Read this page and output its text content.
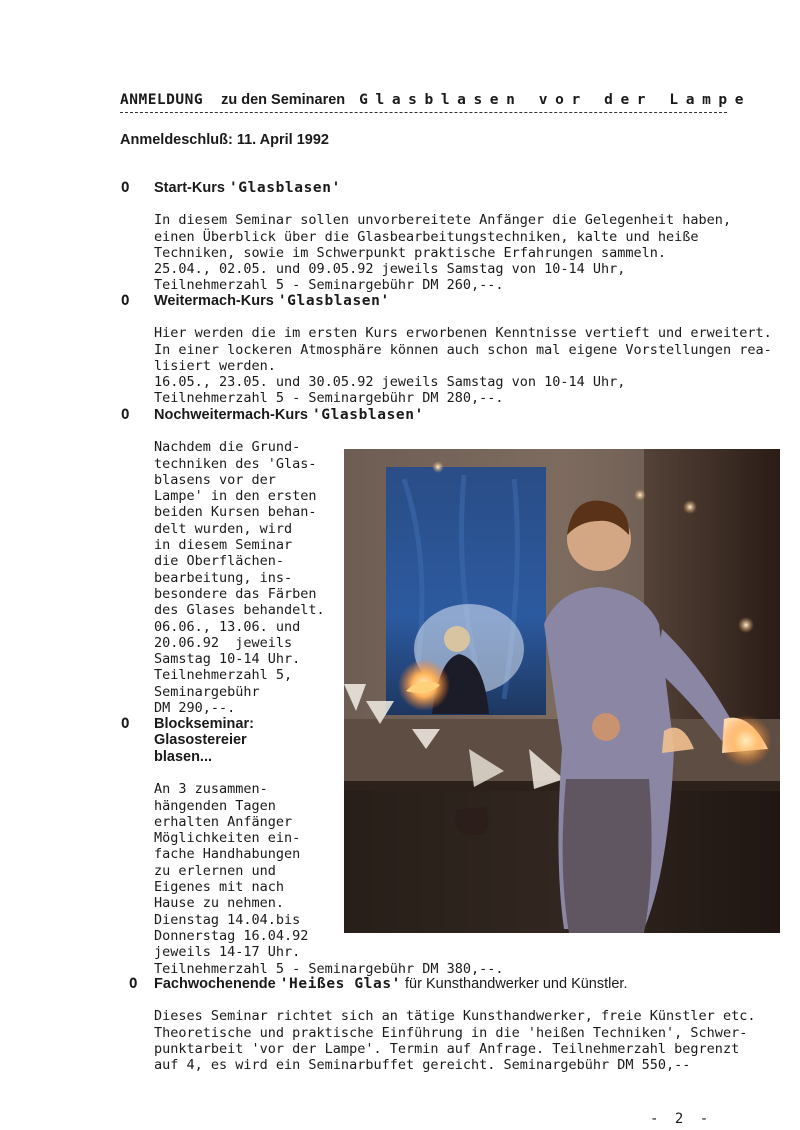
ANMELDUNG zu den Seminaren Glasblasen vor der Lampe
Anmeldeschluß: 11. April 1992
O Start-Kurs 'Glasblasen'

In diesem Seminar sollen unvorbereitete Anfänger die Gelegenheit haben,
einen Überblick über die Glasbearbeitungstechniken, kalte und heiße
Techniken, sowie im Schwerpunkt praktische Erfahrungen sammeln.
25.04., 02.05. und 09.05.92 jeweils Samstag von 10-14 Uhr,
Teilnehmerzahl 5 - Seminargebühr DM 260,--.

O Weitermach-Kurs 'Glasblasen'

Hier werden die im ersten Kurs erworbenen Kenntnisse vertieft und erweitert.
In einer lockeren Atmosphäre können auch schon mal eigene Vorstellungen rea-
lisiert werden.
16.05., 23.05. und 30.05.92 jeweils Samstag von 10-14 Uhr,
Teilnehmerzahl 5 - Seminargebühr DM 280,--.

O Nochweitermach-Kurs 'Glasblasen'

Nachdem die Grund-
techniken des 'Glas-
blasens vor der
Lampe' in den ersten
beiden Kursen behan-
delt wurden, wird
in diesem Seminar
die Oberflächen-
bearbeitung, ins-
besondere das Färben
des Glases behandelt.
06.06., 13.06. und
20.06.92  jeweils
Samstag 10-14 Uhr.
Teilnehmerzahl 5,
Seminargebühr
DM 290,--.

O Blockseminar:
Glasostereier
blasen...

An 3 zusammen-
hängenden Tagen
erhalten Anfänger
Möglichkeiten ein-
fache Handhabungen
zu erlernen und
Eigenes mit nach
Hause zu nehmen.
Dienstag 14.04.bis
Donnerstag 16.04.92
jeweils 14-17 Uhr.
Teilnehmerzahl 5 - Seminargebühr DM 380,--.

O Fachwochenende 'Heißes Glas' für Kunsthandwerker und Künstler.

Dieses Seminar richtet sich an tätige Kunsthandwerker, freie Künstler etc.
Theoretische und praktische Einführung in die 'heißen Techniken', Schwer-
punktarbeit 'vor der Lampe'. Termin auf Anfrage. Teilnehmerzahl begrenzt
auf 4, es wird ein Seminarbuffet gereicht. Seminargebühr DM 550,--

- 2 -
